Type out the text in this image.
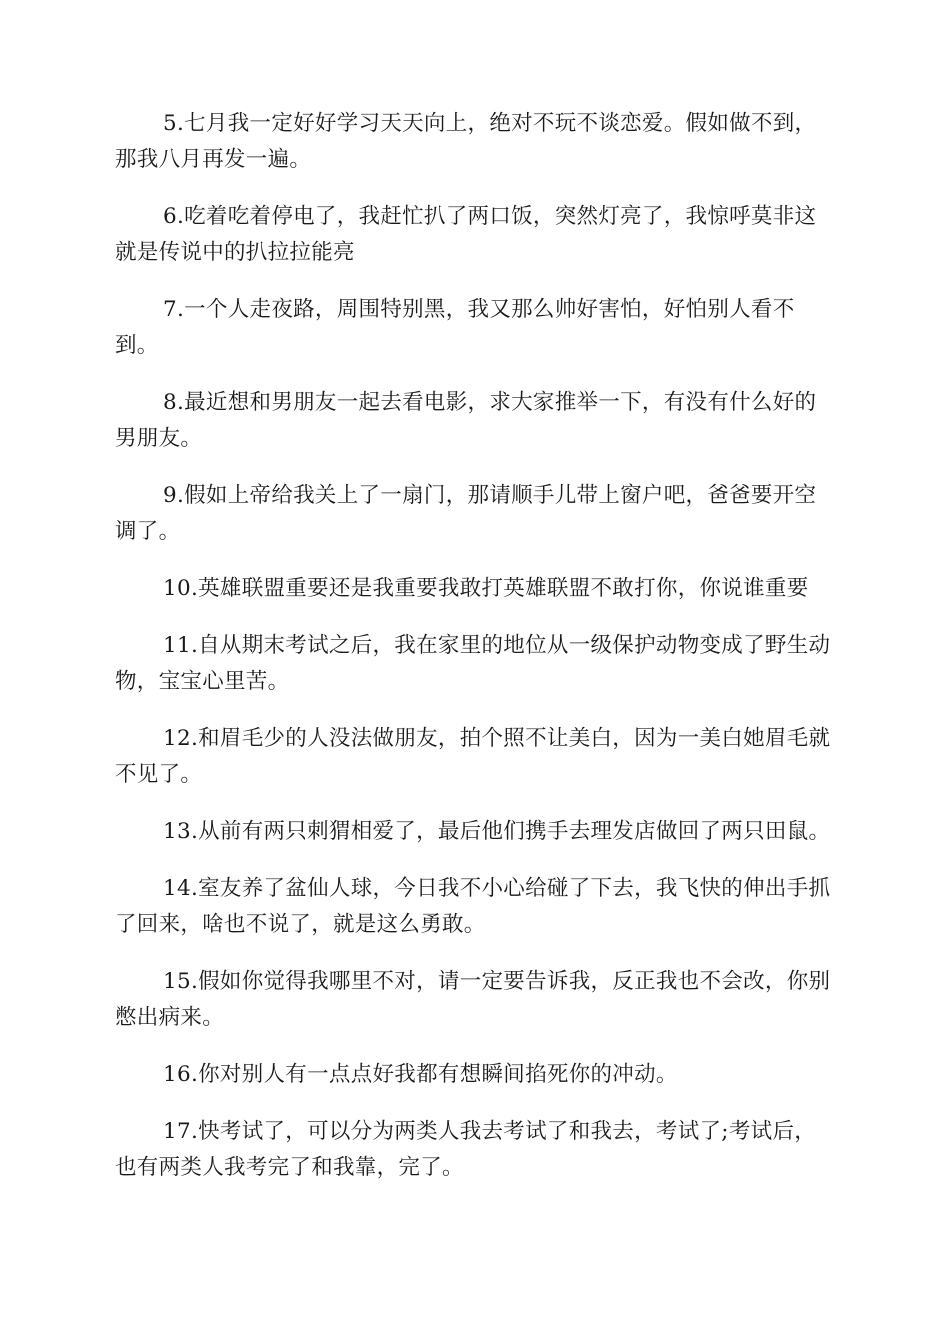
5.七月我一定好好学习天天向上，绝对不玩不谈恋爱。假如做不到，那我八月再发一遍。

6.吃着吃着停电了，我赶忙扒了两口饭，突然灯亮了，我惊呼莫非这就是传说中的扒拉拉能亮

7.一个人走夜路，周围特别黑，我又那么帅好害怕，好怕别人看不到。

8.最近想和男朋友一起去看电影，求大家推举一下，有没有什么好的男朋友。

9.假如上帝给我关上了一扇门，那请顺手儿带上窗户吧，爸爸要开空调了。

10.英雄联盟重要还是我重要我敢打英雄联盟不敢打你，你说谁重要

11.自从期末考试之后，我在家里的地位从一级保护动物变成了野生动物，宝宝心里苦。

12.和眉毛少的人没法做朋友，拍个照不让美白，因为一美白她眉毛就不见了。

13.从前有两只刺猬相爱了，最后他们携手去理发店做回了两只田鼠。

14.室友养了盆仙人球，今日我不小心给碰了下去，我飞快的伸出手抓了回来，啥也不说了，就是这么勇敢。

15.假如你觉得我哪里不对，请一定要告诉我，反正我也不会改，你别憋出病来。

16.你对别人有一点点好我都有想瞬间掐死你的冲动。

17.快考试了，可以分为两类人我去考试了和我去，考试了;考试后，也有两类人我考完了和我靠，完了。
